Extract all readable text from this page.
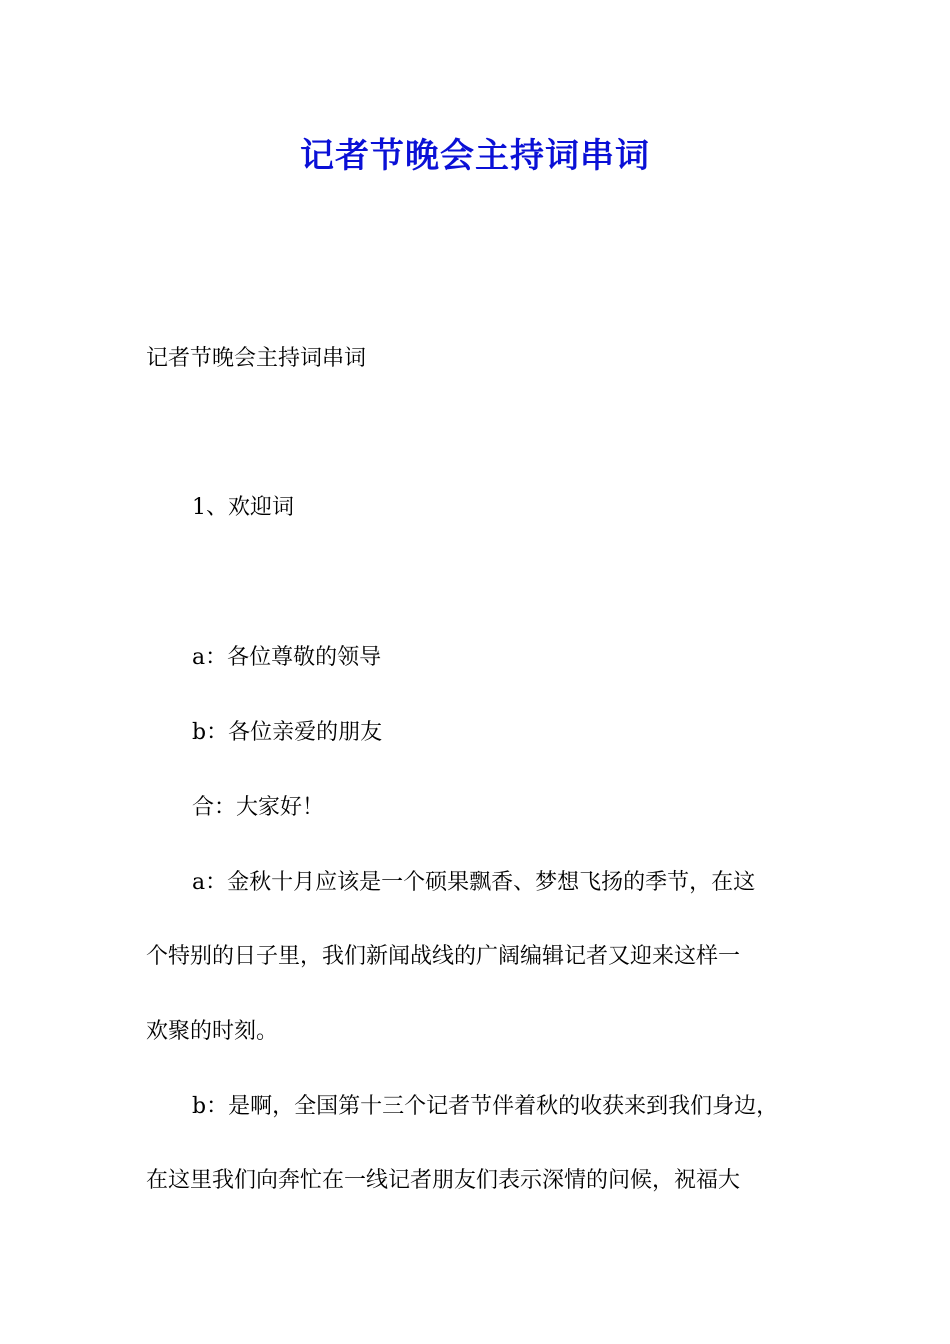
记者节晚会主持词串词

记者节晚会主持词串词

1、欢迎词

a：各位尊敬的领导

b：各位亲爱的朋友

合：大家好！

a：金秋十月应该是一个硕果飘香、梦想飞扬的季节，在这

个特别的日子里，我们新闻战线的广阔编辑记者又迎来这样一

欢聚的时刻。

b：是啊，全国第十三个记者节伴着秋的收获来到我们身边，

在这里我们向奔忙在一线记者朋友们表示深情的问候，祝福大
